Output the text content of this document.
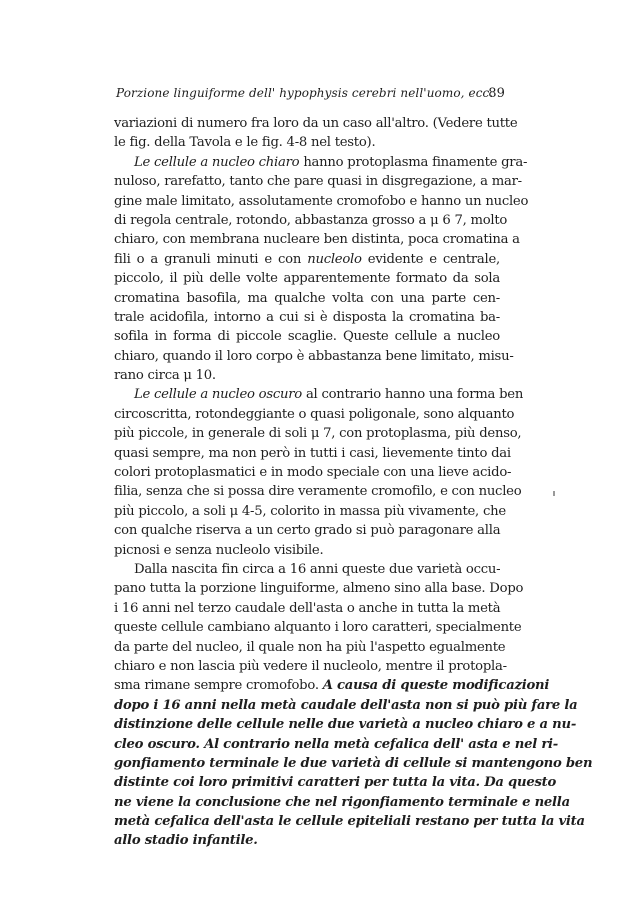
Porzione linguiforme dell' hypophysis cerebri nell'uomo, ecc.
89
variazioni di numero fra loro da un caso all'altro. (Vedere tutte
le fig. della Tavola e le fig. 4-8 nel testo).
Le cellule a nucleo chiaro hanno protoplasma finamente gra-
nuloso, rarefatto, tanto che pare quasi in disgregazione, a mar-
gine male limitato, assolutamente cromofobo e hanno un nucleo
di regola centrale, rotondo, abbastanza grosso a μ 6 7, molto
chiaro, con membrana nucleare ben distinta, poca cromatina a
fili o a granuli minuti e con nucleolo evidente e centrale,
piccolo, il più delle volte apparentemente formato da sola
cromatina basofila, ma qualche volta con una parte cen-
trale acidofila, intorno a cui si è disposta la cromatina ba-
sofila in forma di piccole scaglie. Queste cellule a nucleo
chiaro, quando il loro corpo è abbastanza bene limitato, misu-
rano circa μ 10.
Le cellule a nucleo oscuro al contrario hanno una forma ben
circoscritta, rotondeggiante o quasi poligonale, sono alquanto
più piccole, in generale di soli μ 7, con protoplasma, più denso,
quasi sempre, ma non però in tutti i casi, lievemente tinto dai
colori protoplasmatici e in modo speciale con una lieve acido-
filia, senza che si possa dire veramente cromofilo, e con nucleo
più piccolo, a soli μ 4-5, colorito in massa più vivamente, che
con qualche riserva a un certo grado si può paragonare alla
picnosi e senza nucleolo visibile.
Dalla nascita fin circa a 16 anni queste due varietà occu-
pano tutta la porzione linguiforme, almeno sino alla base. Dopo
i 16 anni nel terzo caudale dell'asta o anche in tutta la metà
queste cellule cambiano alquanto i loro caratteri, specialmente
da parte del nucleo, il quale non ha più l'aspetto egualmente
chiaro e non lascia più vedere il nucleolo, mentre il protopla-
sma rimane sempre cromofobo. A causa di queste modificazioni
dopo i 16 anni nella metà caudale dell'asta non si può più fare la
distinzione delle cellule nelle due varietà a nucleo chiaro e a nu-
cleo oscuro. Al contrario nella metà cefalica dell' asta e nel ri-
gonfiamento terminale le due varietà di cellule si mantengono ben
distinte coi loro primitivi caratteri per tutta la vita. Da questo
ne viene la conclusione che nel rigonfiamento terminale e nella
metà cefalica dell'asta le cellule epiteliali restano per tutta la vita
allo stadio infantile.
